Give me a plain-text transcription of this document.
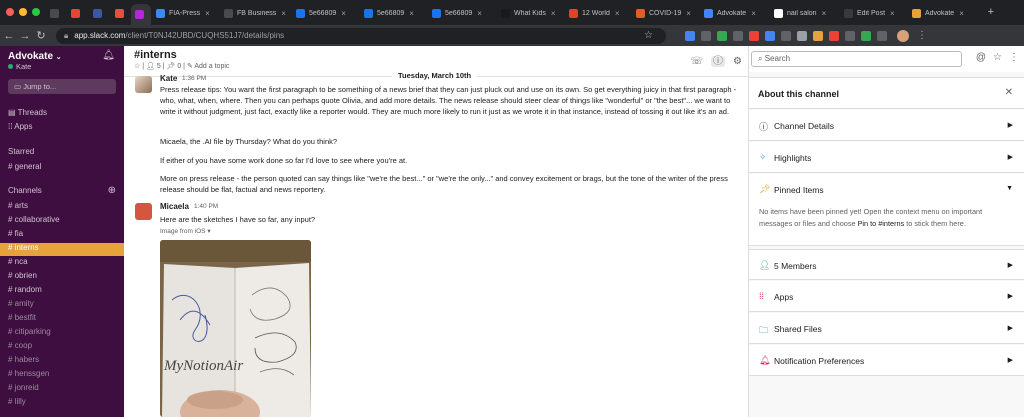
FIA-Press ×	FB Business ×	5e66809 ×	5e66809 ×	5e66809 ×	What Kids ×	12 World ×	COVID-19 ×	Advokate ×	nail salon ×	Edit Post ×	Advokate × +
← → ↻ 🔒︎ app.slack.com /client/T0NJ42UBD/CUQHS51J7/details/pins	☆	⋮
Advokate ⌄
Kate
🔔︎
▭ Jump to...
▤ Threads
⁞⁞ Apps
Starred
# general
Channels	⊕
# arts
# collaborative
# fia
# interns
# nca
# obrien
# random
# amity
# bestfit
# citiparking
# coop
# habers
# henssgen
# jonreid
# lilly
#interns
☆ | 👤︎ 5 | 📌︎ 0 | ✎ Add a topic	☏ ⓘ ⚙
Tuesday, March 10th
Kate 1:36 PM
Press release tips: You want the first paragraph to be something of a news brief that they can just pluck out and use on its own. So get everything juicy in that first paragraph - who, what, when, where. Then you can perhaps quote Olivia, and add more details. The news release should steer clear of things like "wonderful" or "the best"... we want to write it without judgment, just fact, exactly like a reporter would. They are much more likely to run it just as we wrote it in that instance, instead of tossing it out like it's an ad.
Micaela, the .AI file by Thursday? What do you think?
If either of you have some work done so far I'd love to see where you're at.
More on press release - the person quoted can say things like "we're the best..." or "we're the only..." and convey excitement or brags, but the tone of the writer of the press release should be flat, factual and news reportery.
Micaela 1:40 PM
Here are the sketches I have so far, any input?
Image from iOS ▾
MyNotionAir
⌕ Search	@ ☆ ⋮
About this channel	✕
ⓘ Channel Details	▶
✧ Highlights	▶
📌︎ Pinned Items	▼
No items have been pinned yet! Open the context menu on important messages or files and choose Pin to #interns to stick them here.
👤︎ 5 Members	▶
⁞⁞ Apps	▶
🗀︎ Shared Files	▶
🔔︎ Notification Preferences	▶
